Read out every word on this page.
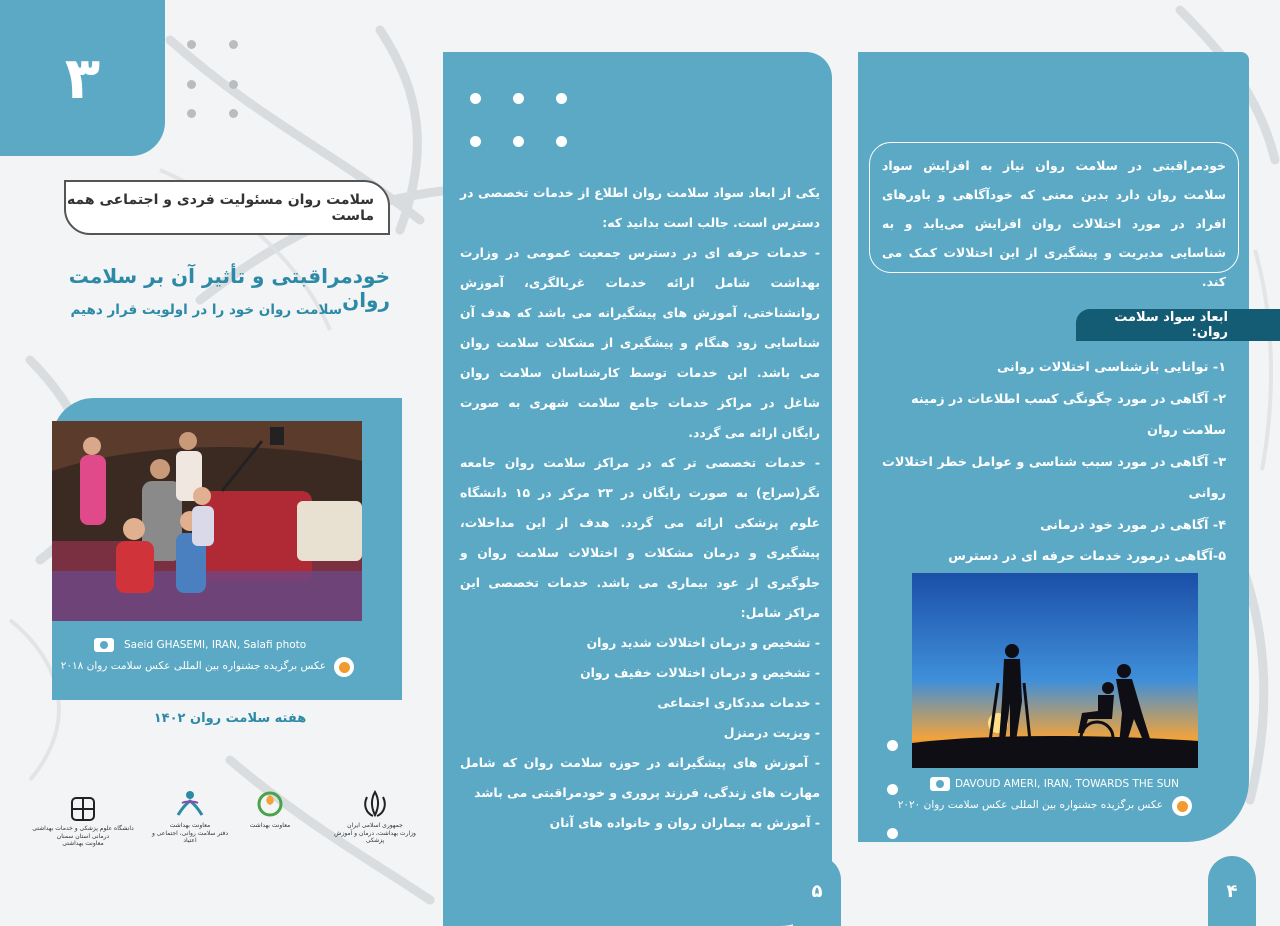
۳
سلامت روان مسئولیت فردی و اجتماعی همه ماست
خودمراقبتی و تأثیر آن بر سلامت روان
سلامت روان خود را در اولویت قرار دهیم
Saeid GHASEMI, IRAN, Salafi photo
عکس برگزیده جشنواره بین المللی عکس سلامت روان ۲۰۱۸
هفته سلامت روان ۱۴۰۲
جمهوری اسلامی ایران
وزارت بهداشت، درمان و آموزش پزشکی
معاونت بهداشت
معاونت بهداشت
دفتر سلامت روانی، اجتماعی و اعتیاد
دانشگاه علوم پزشکی و خدمات بهداشتی درمانی استان سمنان
معاونت بهداشتی

یکی از ابعاد سواد سلامت روان اطلاع از خدمات تخصصی در دسترس است. جالب است بدانید که:

- خدمات حرفه ای در دسترس جمعیت عمومی در وزارت بهداشت شامل ارائه خدمات غربالگری، آموزش روانشناختی، آموزش های پیشگیرانه می باشد که هدف آن شناسایی زود هنگام و پیشگیری از مشکلات سلامت روان می باشد. این خدمات توسط کارشناسان سلامت روان شاغل در مراکز خدمات جامع سلامت شهری به صورت رایگان ارائه می گردد.

- خدمات تخصصی تر که در مراکز سلامت روان جامعه نگر(سراج) به صورت رایگان در ۲۳ مرکز در ۱۵ دانشگاه علوم پزشکی ارائه می گردد. هدف از این مداخلات، پیشگیری و درمان مشکلات و اختلالات سلامت روان و جلوگیری از عود بیماری می باشد. خدمات تخصصی این مراکز شامل:

- تشخیص و درمان اختلالات شدید روان

- تشخیص و درمان اختلالات خفیف روان

- خدمات مددکاری اجتماعی

- ویزیت درمنزل

- آموزش های پیشگیرانه در حوزه سلامت روان که شامل مهارت های زندگی، فرزند پروری و خودمراقبتی می باشد

- آموزش به بیماران روان و خانواده های آنان

۵
خودمراقبتی در سلامت روان نیاز به افزایش سواد سلامت روان دارد بدین معنی که خودآگاهی و باورهای افراد در مورد اختلالات روان افزایش می‌یابد و به شناسایی مدیریت و پیشگیری از این اختلالات کمک می کند.
ابعاد سواد سلامت روان:
۱- توانایی بازشناسی اختلالات روانی
۲- آگاهی در مورد چگونگی کسب اطلاعات در زمینه سلامت روان
۳- آگاهی در مورد سبب شناسی و عوامل خطر اختلالات روانی
۴- آگاهی در مورد خود درمانی
۵-آگاهی درمورد خدمات حرفه ای در دسترس
DAVOUD AMERI, IRAN, TOWARDS THE SUN
عکس برگزیده جشنواره بین المللی عکس سلامت روان ۲۰۲۰
۴
